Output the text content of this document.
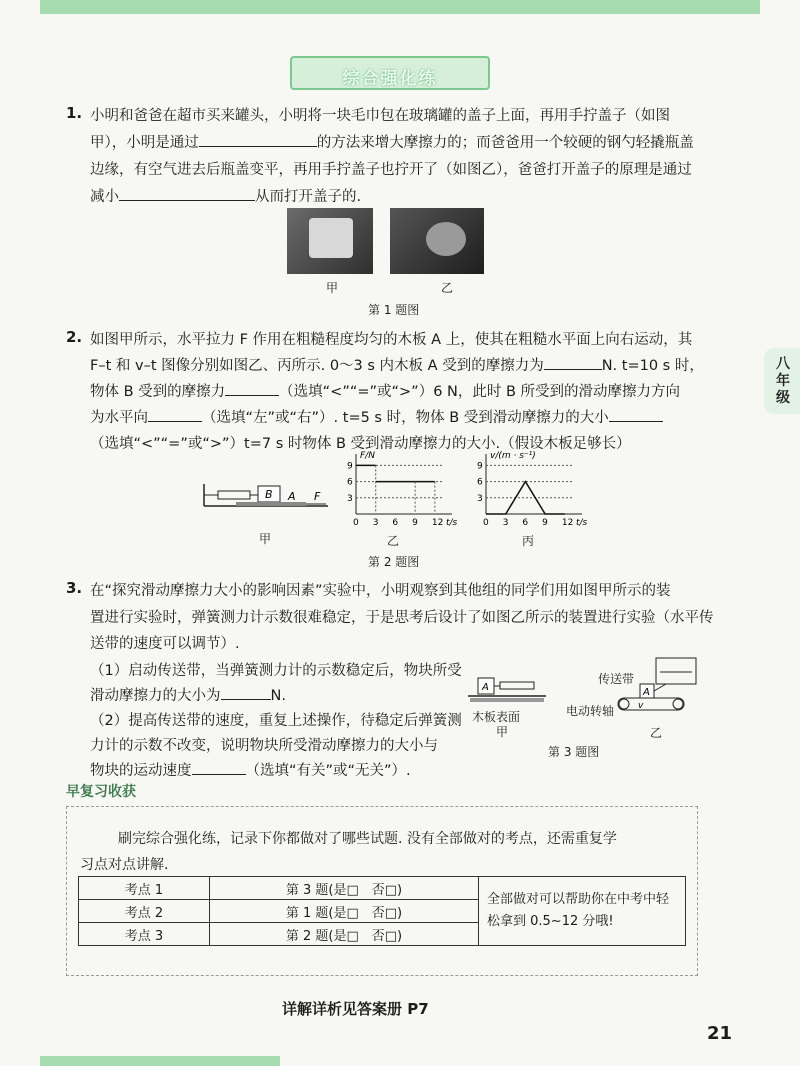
八年级
综合强化练
1. 小明和爸爸在超市买来罐头，小明将一块毛巾包在玻璃罐的盖子上面，再用手拧盖子（如图
甲），小明是通过	的方法来增大摩擦力的；而爸爸用一个较硬的钢勺轻撬瓶盖
边缘，有空气进去后瓶盖变平，再用手拧盖子也拧开了（如图乙），爸爸打开盖子的原理是通过
减小	从而打开盖子的.
甲	乙
第 1 题图
2. 如图甲所示，水平拉力 F 作用在粗糙程度均匀的木板 A 上，使其在粗糙水平面上向右运动，其
F–t 和 v–t 图像分别如图乙、丙所示. 0～3 s 内木板 A 受到的摩擦力为	N. t=10 s 时，
物体 B 受到的摩擦力	（选填“<”“=”或“>”）6 N，此时 B 所受到的滑动摩擦力方向
为水平向	（选填“左”或“右”）. t=5 s 时，物体 B 受到滑动摩擦力的大小
（选填“<”“=”或“>”）t=7 s 时物体 B 受到滑动摩擦力的大小.（假设木板足够长）
B A F
甲
F/N
t/s
3
6
9
0 3 6 9 12
乙
v/(m · s⁻¹)
t/s
3
6
9
0 3 6 9 12
丙
第 2 题图
3. 在“探究滑动摩擦力大小的影响因素”实验中，小明观察到其他组的同学们用如图甲所示的装
置进行实验时，弹簧测力计示数很难稳定，于是思考后设计了如图乙所示的装置进行实验（水平传
送带的速度可以调节）.
（1）启动传送带，当弹簧测力计的示数稳定后，物块所受
滑动摩擦力的大小为	N.
（2）提高传送带的速度，重复上述操作，待稳定后弹簧测
力计的示数不改变，说明物块所受滑动摩擦力的大小与
物块的运动速度	（选填“有关”或“无关”）.
A
木板表面
甲
传送带
A
v
电动转轴
第 3 题图
乙
早复习收获
刷完综合强化练，记录下你都做对了哪些试题. 没有全部做对的考点，还需重复学
习点对点讲解.
考点 1	第 3 题(是□　否□)	全部做对可以帮助你在中考中轻松拿到 0.5~12 分哦!
考点 2	第 1 题(是□　否□)	
考点 3	第 2 题(是□　否□)	
详解详析见答案册 P7
21
